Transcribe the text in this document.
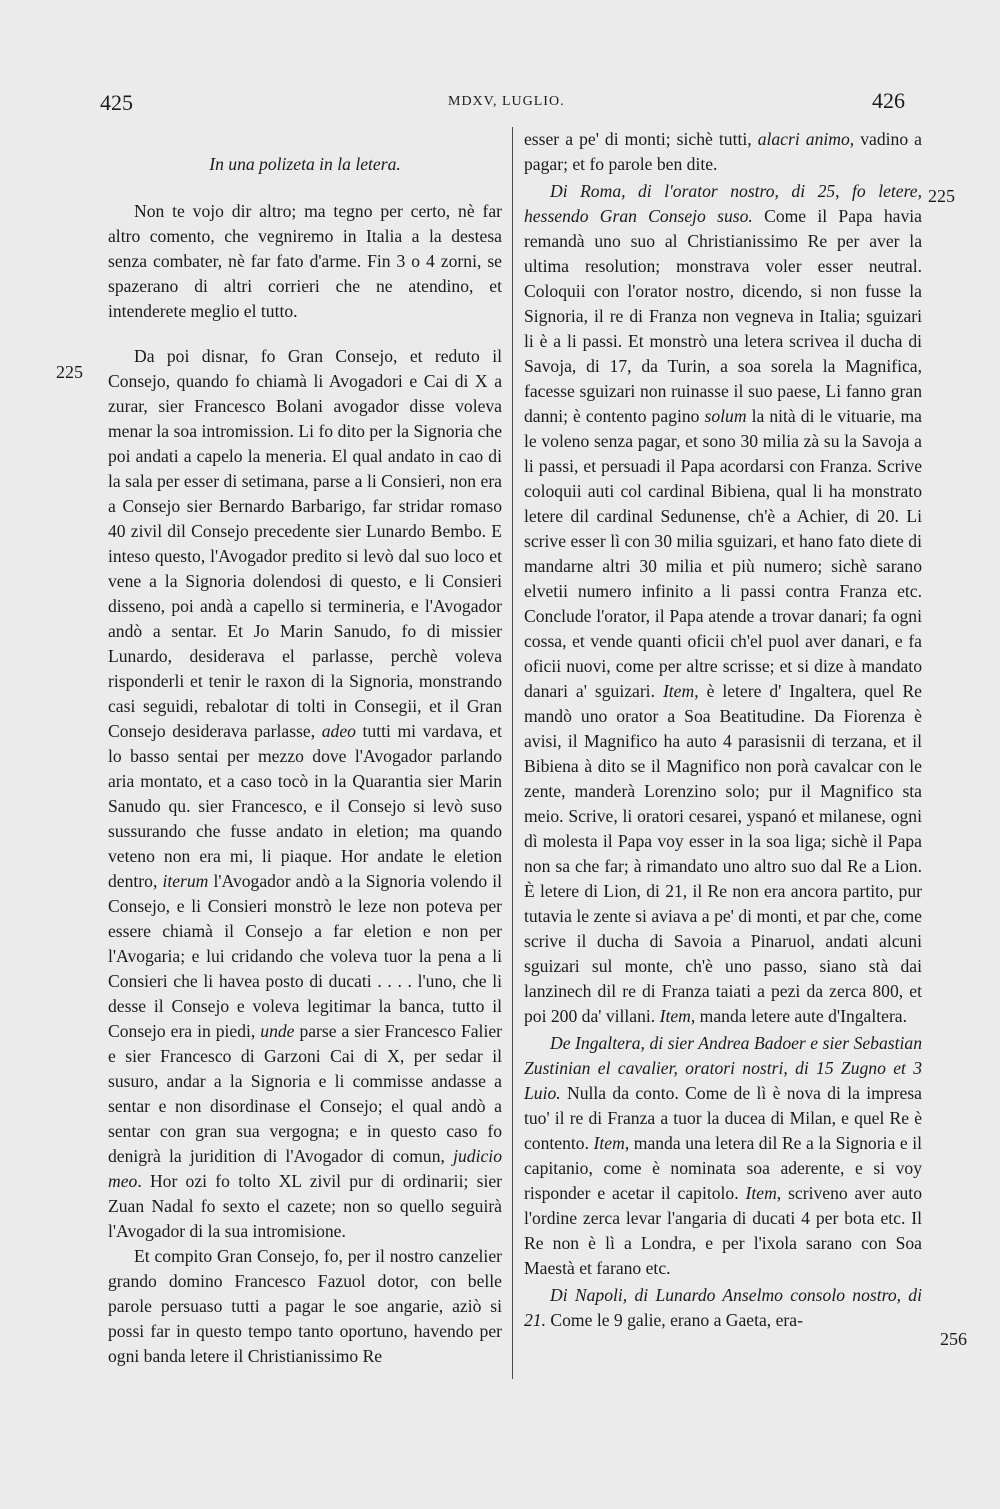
425	MDXV, LUGLIO.	426
225
225
256

In una polizeta in la letera.

Non te vojo dir altro; ma tegno per certo, nè far altro comento, che vegniremo in Italia a la destesa senza combater, nè far fato d'arme. Fin 3 o 4 zorni, se spazerano di altri corrieri che ne atendino, et intenderete meglio el tutto.

Da poi disnar, fo Gran Consejo, et reduto il Consejo, quando fo chiamà li Avogadori e Cai di X a zurar, sier Francesco Bolani avogador disse voleva menar la soa intromission. Li fo dito per la Signoria che poi andati a capelo la meneria. El qual andato in cao di la sala per esser di setimana, parse a li Consieri, non era a Consejo sier Bernardo Barbarigo, far stridar romaso 40 zivil dil Consejo precedente sier Lunardo Bembo. E inteso questo, l'Avogador predito si levò dal suo loco et vene a la Signoria dolendosi di questo, e li Consieri disseno, poi andà a capello si termineria, e l'Avogador andò a sentar. Et Jo Marin Sanudo, fo di missier Lunardo, desiderava el parlasse, perchè voleva risponderli et tenir le raxon di la Signoria, monstrando casi seguidi, rebalotar di tolti in Consegii, et il Gran Consejo desiderava parlasse, adeo tutti mi vardava, et lo basso sentai per mezzo dove l'Avogador parlando aria montato, et a caso tocò in la Quarantia sier Marin Sanudo qu. sier Francesco, e il Consejo si levò suso sussurando che fusse andato in eletion; ma quando veteno non era mi, li piaque. Hor andate le eletion dentro, iterum l'Avogador andò a la Signoria volendo il Consejo, e li Consieri monstrò le leze non poteva per essere chiamà il Consejo a far eletion e non per l'Avogaria; e lui cridando che voleva tuor la pena a li Consieri che li havea posto di ducati . . . . l'uno, che li desse il Consejo e voleva legitimar la banca, tutto il Consejo era in piedi, unde parse a sier Francesco Falier e sier Francesco di Garzoni Cai di X, per sedar il susuro, andar a la Signoria e li commisse andasse a sentar e non disordinase el Consejo; el qual andò a sentar con gran sua vergogna; e in questo caso fo denigrà la juridition di l'Avogador di comun, judicio meo. Hor ozi fo tolto XL zivil pur di ordinarii; sier Zuan Nadal fo sexto el cazete; non so quello seguirà l'Avogador di la sua intromisione.

Et compito Gran Consejo, fo, per il nostro canzelier grando domino Francesco Fazuol dotor, con belle parole persuaso tutti a pagar le soe angarie, aziò si possi far in questo tempo tanto oportuno, havendo per ogni banda letere il Christianissimo Re

esser a pe' di monti; sichè tutti, alacri animo, vadino a pagar; et fo parole ben dite.

Di Roma, di l'orator nostro, di 25, fo letere, hessendo Gran Consejo suso. Come il Papa havia remandà uno suo al Christianissimo Re per aver la ultima resolution; monstrava voler esser neutral. Coloquii con l'orator nostro, dicendo, si non fusse la Signoria, il re di Franza non vegneva in Italia; sguizari li è a li passi. Et monstrò una letera scrivea il ducha di Savoja, di 17, da Turin, a soa sorela la Magnifica, facesse sguizari non ruinasse il suo paese, Li fanno gran danni; è contento pagino solum la nità di le vituarie, ma le voleno senza pagar, et sono 30 milia zà su la Savoja a li passi, et persuadi il Papa acordarsi con Franza. Scrive coloquii auti col cardinal Bibiena, qual li ha monstrato letere dil cardinal Sedunense, ch'è a Achier, di 20. Li scrive esser lì con 30 milia sguizari, et hano fato diete di mandarne altri 30 milia et più numero; sichè sarano elvetii numero infinito a li passi contra Franza etc. Conclude l'orator, il Papa atende a trovar danari; fa ogni cossa, et vende quanti oficii ch'el puol aver danari, e fa oficii nuovi, come per altre scrisse; et si dize à mandato danari a' sguizari. Item, è letere d' Ingaltera, quel Re mandò uno orator a Soa Beatitudine. Da Fiorenza è avisi, il Magnifico ha auto 4 parasisnii di terzana, et il Bibiena à dito se il Magnifico non porà cavalcar con le zente, manderà Lorenzino solo; pur il Magnifico sta meio. Scrive, li oratori cesarei, yspanó et milanese, ogni dì molesta il Papa voy esser in la soa liga; sichè il Papa non sa che far; à rimandato uno altro suo dal Re a Lion. È letere di Lion, di 21, il Re non era ancora partito, pur tutavia le zente si aviava a pe' di monti, et par che, come scrive il ducha di Savoia a Pinaruol, andati alcuni sguizari sul monte, ch'è uno passo, siano stà dai lanzinech dil re di Franza taiati a pezi da zerca 800, et poi 200 da' villani. Item, manda letere aute d'Ingaltera.

De Ingaltera, di sier Andrea Badoer e sier Sebastian Zustinian el cavalier, oratori nostri, di 15 Zugno et 3 Luio. Nulla da conto. Come de lì è nova di la impresa tuo' il re di Franza a tuor la ducea di Milan, e quel Re è contento. Item, manda una letera dil Re a la Signoria e il capitanio, come è nominata soa aderente, e si voy risponder e acetar il capitolo. Item, scriveno aver auto l'ordine zerca levar l'angaria di ducati 4 per bota etc. Il Re non è lì a Londra, e per l'ixola sarano con Soa Maestà et farano etc.

Di Napoli, di Lunardo Anselmo consolo nostro, di 21. Come le 9 galie, erano a Gaeta, era-
